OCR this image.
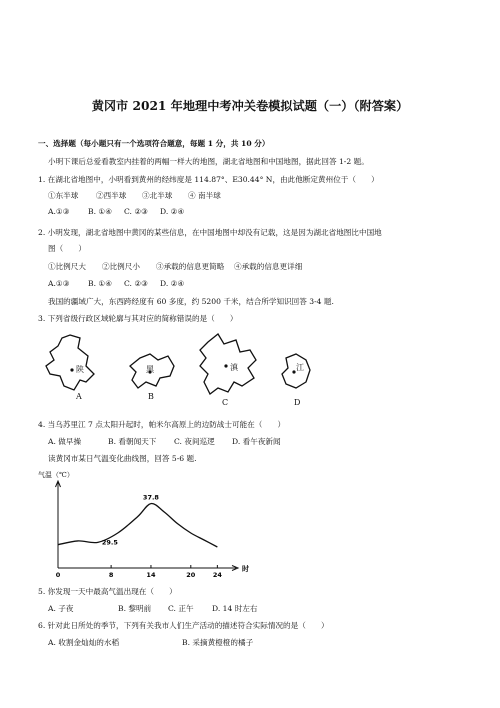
黄冈市 2021 年地理中考冲关卷模拟试题（一）（附答案）
一、选择题（每小题只有一个选项符合题意，每题 1 分，共 10 分）
小明下课后总爱看教室内挂着的两幅一样大的地图，湖北省地图和中国地图，据此回答 1-2 题。
1. 在湖北省地图中，小明看到黄州的经纬度是 114.87°、E30.44° N，由此他断定黄州位于（　　）
①东半球 ②西半球 ③北半球 ④ 南半球
A.①③ B. ①④ C. ②③ D. ②④
2. 小明发现，湖北省地图中黄冈的某些信息，在中国地图中却没有记载，这是因为湖北省地图比中国地
图（　　）
①比例尺大 ②比例尺小 ③承载的信息更简略 ④承载的信息更详细
A.①③ B. ①④ C. ②③ D. ②④
我国的疆域广大，东西跨经度有 60 多度，约 5200 千米，结合所学知识回答 3-4 题.
3. 下列省级行政区域轮廓与其对应的简称错误的是（　　）
陕	黑	滇	江
A	B
C	D
4. 当乌苏里江 7 点太阳升起时，帕米尔高原上的边防战士可能在（　　）
A. 做早操	B. 看朝闻天下 C. 夜间巡逻 D. 看午夜新闻
读黄冈市某日气温变化曲线图，回答 5-6 题.
气温（℃）
0	8	14	20	24
时
29.5
37.8
5. 你发现一天中最高气温出现在（　　）
A. 子夜	B. 黎明前 C. 正午 D. 14 时左右
6. 针对此日所处的季节，下列有关我市人们生产活动的描述符合实际情况的是（　　）
A. 收割金灿灿的水稻	B. 采摘黄橙橙的橘子
